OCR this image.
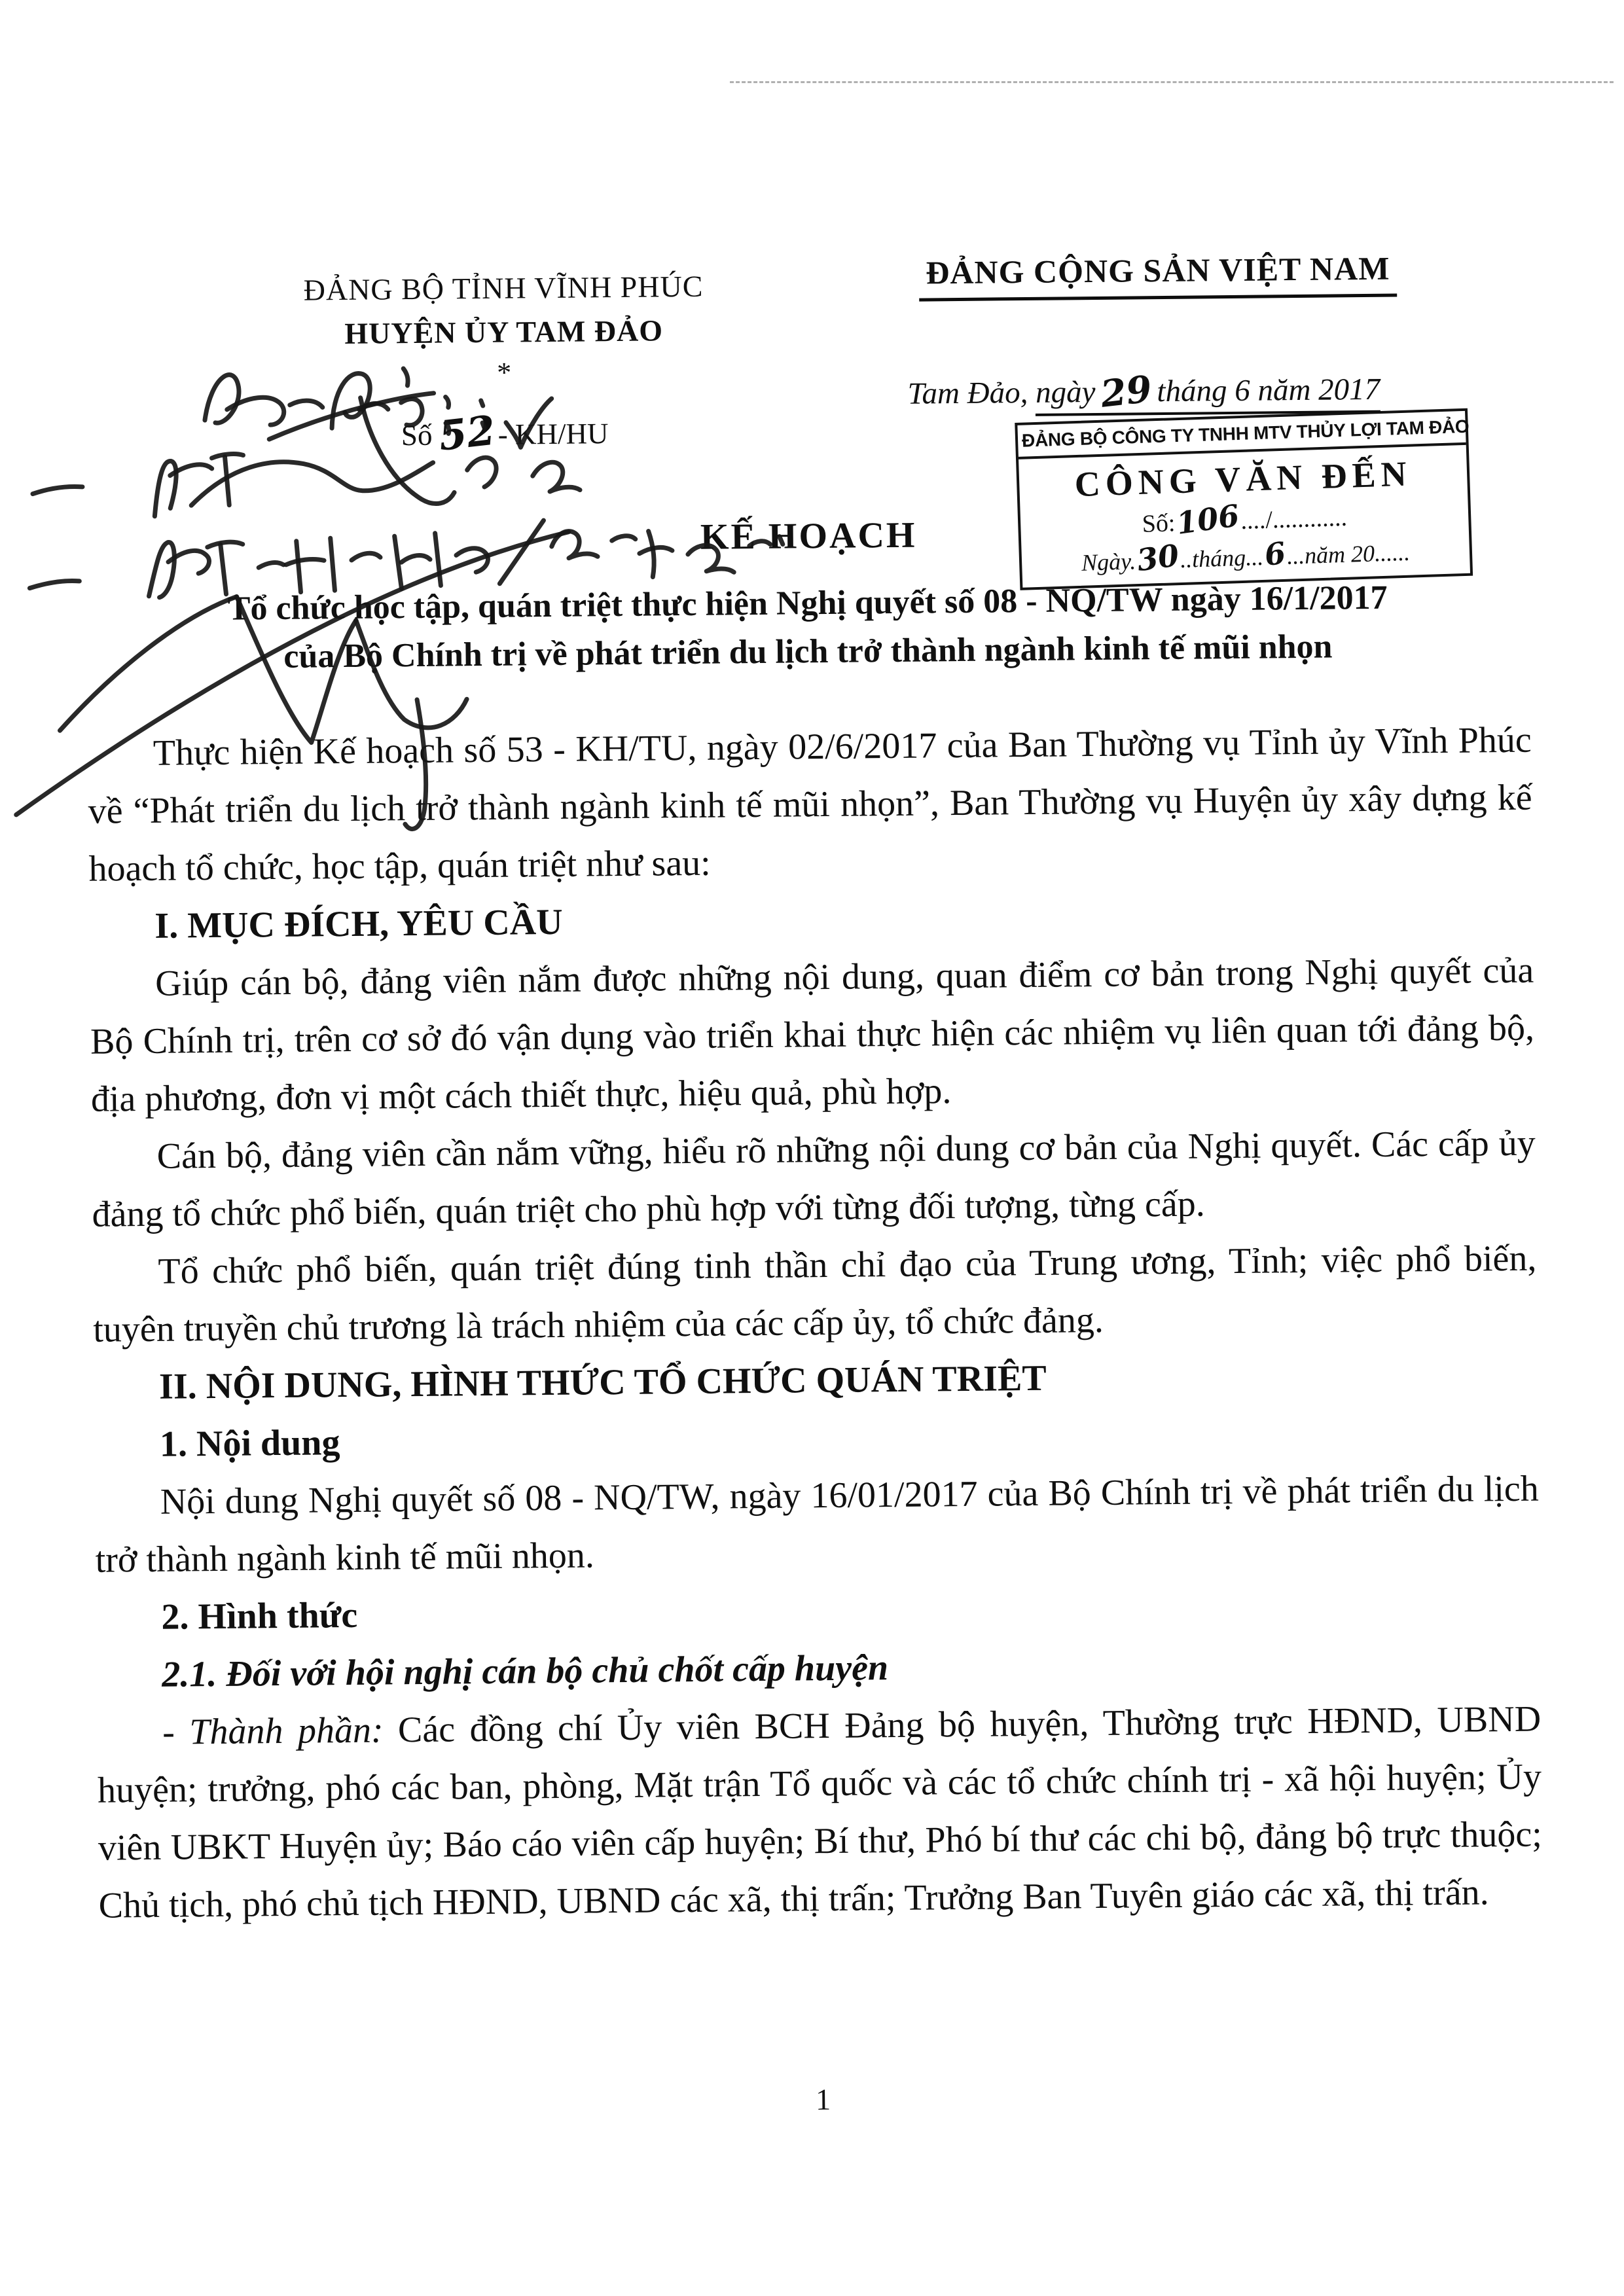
ĐẢNG BỘ TỈNH VĨNH PHÚC
HUYỆN ỦY TAM ĐẢO
*
Số52- KH/HU
ĐẢNG CỘNG SẢN VIỆT NAM
Tam Đảo, ngày29tháng 6 năm 2017
ĐẢNG BỘ CÔNG TY TNHH MTV THỦY LỢI TAM ĐẢO
CÔNG VĂN ĐẾN
Số:106..../............
Ngày.30..tháng...6...năm 20......
KẾ HOẠCH
Tổ chức học tập, quán triệt thực hiện Nghị quyết số 08 - NQ/TW ngày 16/1/2017
của Bộ Chính trị về phát triển du lịch trở thành ngành kinh tế mũi nhọn

Thực hiện Kế hoạch số 53 - KH/TU, ngày 02/6/2017 của Ban Thường vụ Tỉnh ủy Vĩnh Phúc về “Phát triển du lịch trở thành ngành kinh tế mũi nhọn”, Ban Thường vụ Huyện ủy xây dựng kế hoạch tổ chức, học tập, quán triệt như sau:

I. MỤC ĐÍCH, YÊU CẦU

Giúp cán bộ, đảng viên nắm được những nội dung, quan điểm cơ bản trong Nghị quyết của Bộ Chính trị, trên cơ sở đó vận dụng vào triển khai thực hiện các nhiệm vụ liên quan tới đảng bộ, địa phương, đơn vị một cách thiết thực, hiệu quả, phù hợp.

Cán bộ, đảng viên cần nắm vững, hiểu rõ những nội dung cơ bản của Nghị quyết. Các cấp ủy đảng tổ chức phổ biến, quán triệt cho phù hợp với từng đối tượng, từng cấp.

Tổ chức phổ biến, quán triệt đúng tinh thần chỉ đạo của Trung ương, Tỉnh; việc phổ biến, tuyên truyền chủ trương là trách nhiệm của các cấp ủy, tổ chức đảng.

II. NỘI DUNG, HÌNH THỨC TỔ CHỨC QUÁN TRIỆT

1. Nội dung

Nội dung Nghị quyết số 08 - NQ/TW, ngày 16/01/2017 của Bộ Chính trị về phát triển du lịch trở thành ngành kinh tế mũi nhọn.

2. Hình thức

2.1. Đối với hội nghị cán bộ chủ chốt cấp huyện

- Thành phần: Các đồng chí Ủy viên BCH Đảng bộ huyện, Thường trực HĐND, UBND huyện; trưởng, phó các ban, phòng, Mặt trận Tổ quốc và các tổ chức chính trị - xã hội huyện; Ủy viên UBKT Huyện ủy; Báo cáo viên cấp huyện; Bí thư, Phó bí thư các chi bộ, đảng bộ trực thuộc; Chủ tịch, phó chủ tịch HĐND, UBND các xã, thị trấn; Trưởng Ban Tuyên giáo các xã, thị trấn.

1
